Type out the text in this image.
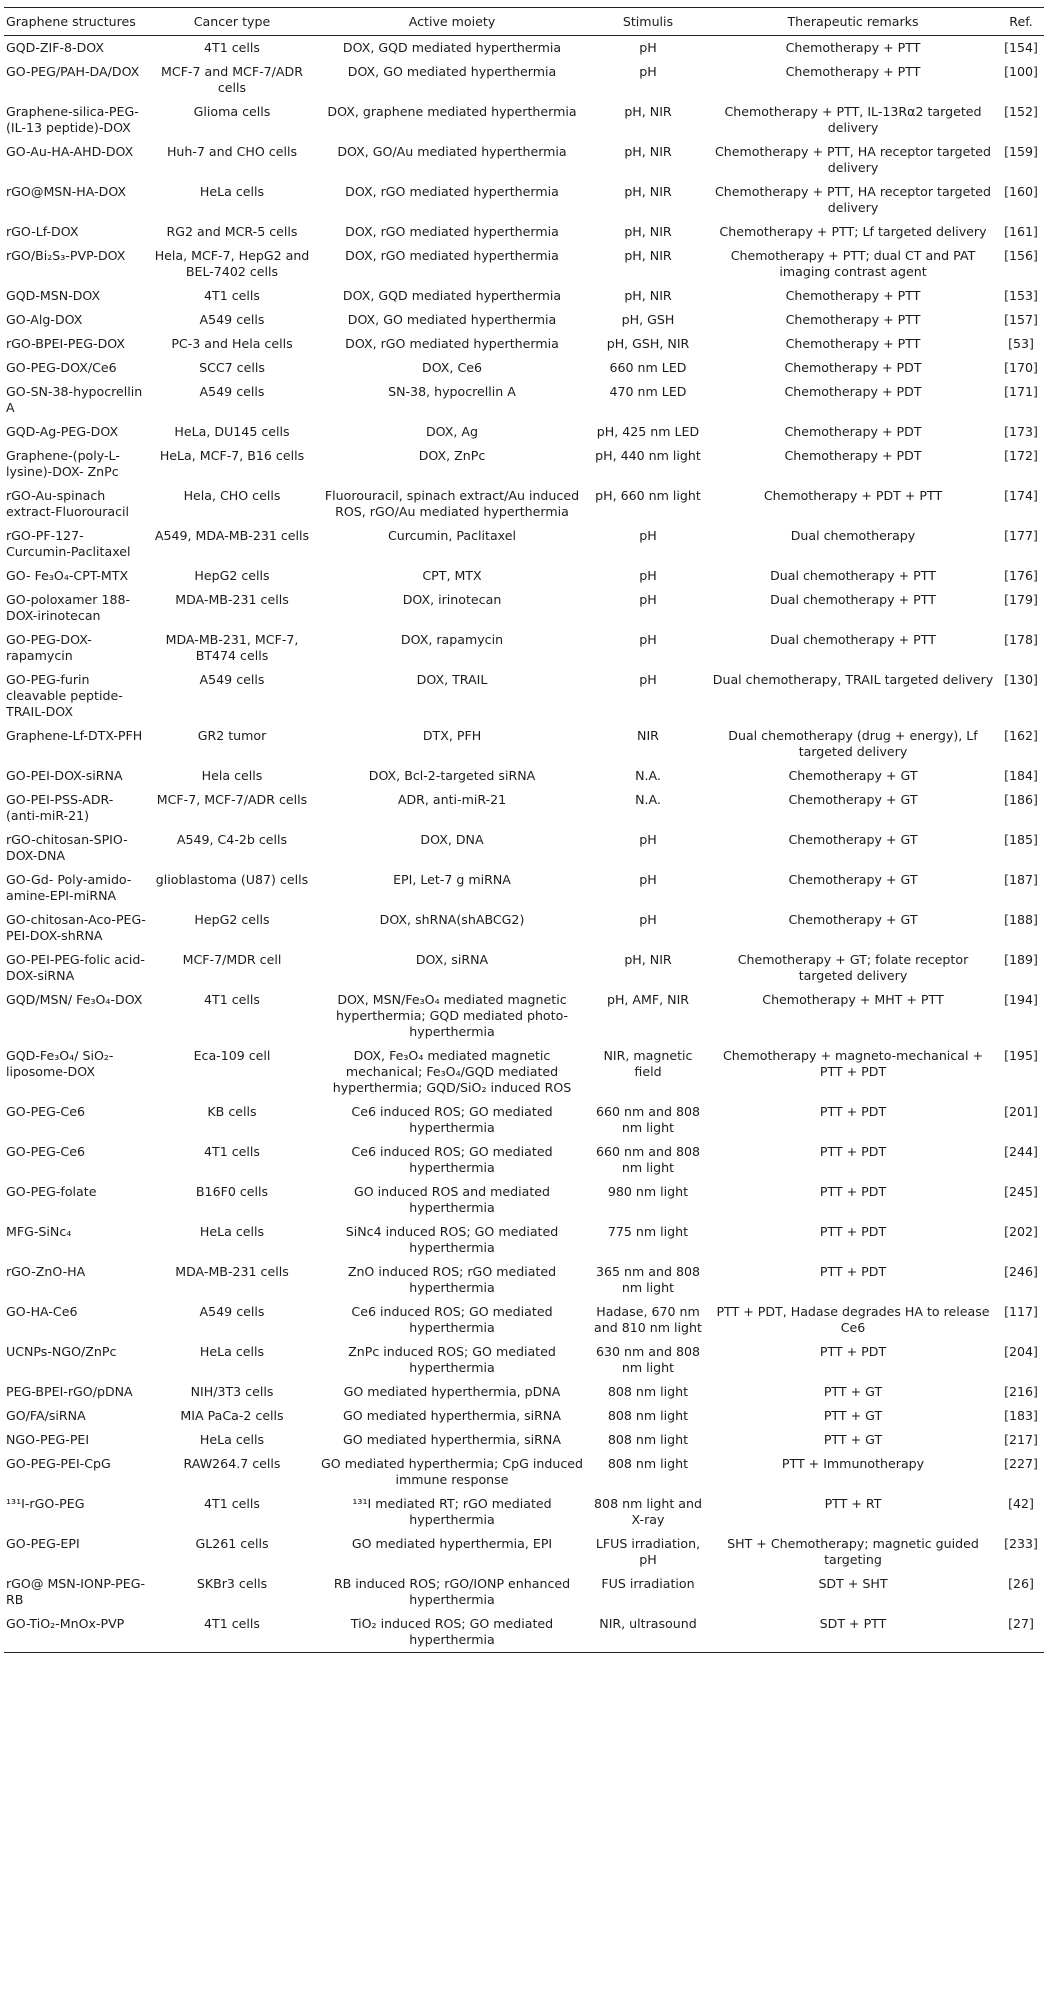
Graphene structures	Cancer type	Active moiety	Stimulis	Therapeutic remarks	Ref.
GQD-ZIF-8-DOX	4T1 cells	DOX, GQD mediated hyperthermia	pH	Chemotherapy + PTT	[154]
GO-PEG/PAH-DA/DOX	MCF-7 and MCF-7/ADR cells	DOX, GO mediated hyperthermia	pH	Chemotherapy + PTT	[100]
Graphene-silica-PEG-(IL-13 peptide)-DOX	Glioma cells	DOX, graphene mediated hyperthermia	pH, NIR	Chemotherapy + PTT, IL-13Rα2 targeted delivery	[152]
GO-Au-HA-AHD-DOX	Huh-7 and CHO cells	DOX, GO/Au mediated hyperthermia	pH, NIR	Chemotherapy + PTT, HA receptor targeted delivery	[159]
rGO@MSN-HA-DOX	HeLa cells	DOX, rGO mediated hyperthermia	pH, NIR	Chemotherapy + PTT, HA receptor targeted delivery	[160]
rGO-Lf-DOX	RG2 and MCR-5 cells	DOX, rGO mediated hyperthermia	pH, NIR	Chemotherapy + PTT; Lf targeted delivery	[161]
rGO/Bi₂S₃-PVP-DOX	Hela, MCF-7, HepG2 and BEL-7402 cells	DOX, rGO mediated hyperthermia	pH, NIR	Chemotherapy + PTT; dual CT and PAT imaging contrast agent	[156]
GQD-MSN-DOX	4T1 cells	DOX, GQD mediated hyperthermia	pH, NIR	Chemotherapy + PTT	[153]
GO-Alg-DOX	A549 cells	DOX, GO mediated hyperthermia	pH, GSH	Chemotherapy + PTT	[157]
rGO-BPEI-PEG-DOX	PC-3 and Hela cells	DOX, rGO mediated hyperthermia	pH, GSH, NIR	Chemotherapy + PTT	[53]
GO-PEG-DOX/Ce6	SCC7 cells	DOX, Ce6	660 nm LED	Chemotherapy + PDT	[170]
GO-SN-38-hypocrellin A	A549 cells	SN-38, hypocrellin A	470 nm LED	Chemotherapy + PDT	[171]
GQD-Ag-PEG-DOX	HeLa, DU145 cells	DOX, Ag	pH, 425 nm LED	Chemotherapy + PDT	[173]
Graphene-(poly-L-lysine)-DOX- ZnPc	HeLa, MCF-7, B16 cells	DOX, ZnPc	pH, 440 nm light	Chemotherapy + PDT	[172]
rGO-Au-spinach extract-Fluorouracil	Hela, CHO cells	Fluorouracil, spinach extract/Au induced ROS, rGO/Au mediated hyperthermia	pH, 660 nm light	Chemotherapy + PDT + PTT	[174]
rGO-PF-127-Curcumin-Paclitaxel	A549, MDA-MB-231 cells	Curcumin, Paclitaxel	pH	Dual chemotherapy	[177]
GO- Fe₃O₄-CPT-MTX	HepG2 cells	CPT, MTX	pH	Dual chemotherapy + PTT	[176]
GO-poloxamer 188-DOX-irinotecan	MDA-MB-231 cells	DOX, irinotecan	pH	Dual chemotherapy + PTT	[179]
GO-PEG-DOX-rapamycin	MDA-MB-231, MCF-7, BT474 cells	DOX, rapamycin	pH	Dual chemotherapy + PTT	[178]
GO-PEG-furin cleavable peptide-TRAIL-DOX	A549 cells	DOX, TRAIL	pH	Dual chemotherapy, TRAIL targeted delivery	[130]
Graphene-Lf-DTX-PFH	GR2 tumor	DTX, PFH	NIR	Dual chemotherapy (drug + energy), Lf targeted delivery	[162]
GO-PEI-DOX-siRNA	Hela cells	DOX, Bcl-2-targeted siRNA	N.A.	Chemotherapy + GT	[184]
GO-PEI-PSS-ADR-(anti-miR-21)	MCF-7, MCF-7/ADR cells	ADR, anti-miR-21	N.A.	Chemotherapy + GT	[186]
rGO-chitosan-SPIO-DOX-DNA	A549, C4-2b cells	DOX, DNA	pH	Chemotherapy + GT	[185]
GO-Gd- Poly-amido-amine-EPI-miRNA	glioblastoma (U87) cells	EPI, Let-7 g miRNA	pH	Chemotherapy + GT	[187]
GO-chitosan-Aco-PEG-PEI-DOX-shRNA	HepG2 cells	DOX, shRNA(shABCG2)	pH	Chemotherapy + GT	[188]
GO-PEI-PEG-folic acid-DOX-siRNA	MCF-7/MDR cell	DOX, siRNA	pH, NIR	Chemotherapy + GT; folate receptor targeted delivery	[189]
GQD/MSN/ Fe₃O₄-DOX	4T1 cells	DOX, MSN/Fe₃O₄ mediated magnetic hyperthermia; GQD mediated photo- hyperthermia	pH, AMF, NIR	Chemotherapy + MHT + PTT	[194]
GQD-Fe₃O₄/ SiO₂-liposome-DOX	Eca-109 cell	DOX, Fe₃O₄ mediated magnetic mechanical; Fe₃O₄/GQD mediated hyperthermia; GQD/SiO₂ induced ROS	NIR, magnetic field	Chemotherapy + magneto-mechanical + PTT + PDT	[195]
GO-PEG-Ce6	KB cells	Ce6 induced ROS; GO mediated hyperthermia	660 nm and 808 nm light	PTT + PDT	[201]
GO-PEG-Ce6	4T1 cells	Ce6 induced ROS; GO mediated hyperthermia	660 nm and 808 nm light	PTT + PDT	[244]
GO-PEG-folate	B16F0 cells	GO induced ROS and mediated hyperthermia	980 nm light	PTT + PDT	[245]
MFG-SiNc₄	HeLa cells	SiNc4 induced ROS; GO mediated hyperthermia	775 nm light	PTT + PDT	[202]
rGO-ZnO-HA	MDA-MB-231 cells	ZnO induced ROS; rGO mediated hyperthermia	365 nm and 808 nm light	PTT + PDT	[246]
GO-HA-Ce6	A549 cells	Ce6 induced ROS; GO mediated hyperthermia	Hadase, 670 nm and 810 nm light	PTT + PDT, Hadase degrades HA to release Ce6	[117]
UCNPs-NGO/ZnPc	HeLa cells	ZnPc induced ROS; GO mediated hyperthermia	630 nm and 808 nm light	PTT + PDT	[204]
PEG-BPEI-rGO/pDNA	NIH/3T3 cells	GO mediated hyperthermia, pDNA	808 nm light	PTT + GT	[216]
GO/FA/siRNA	MIA PaCa-2 cells	GO mediated hyperthermia, siRNA	808 nm light	PTT + GT	[183]
NGO-PEG-PEI	HeLa cells	GO mediated hyperthermia, siRNA	808 nm light	PTT + GT	[217]
GO-PEG-PEI-CpG	RAW264.7 cells	GO mediated hyperthermia; CpG induced immune response	808 nm light	PTT + Immunotherapy	[227]
¹³¹I-rGO-PEG	4T1 cells	¹³¹I mediated RT; rGO mediated hyperthermia	808 nm light and X-ray	PTT + RT	[42]
GO-PEG-EPI	GL261 cells	GO mediated hyperthermia, EPI	LFUS irradiation, pH	SHT + Chemotherapy; magnetic guided targeting	[233]
rGO@ MSN-IONP-PEG-RB	SKBr3 cells	RB induced ROS; rGO/IONP enhanced hyperthermia	FUS irradiation	SDT + SHT	[26]
GO-TiO₂-MnOx-PVP	4T1 cells	TiO₂ induced ROS; GO mediated hyperthermia	NIR, ultrasound	SDT + PTT	[27]
